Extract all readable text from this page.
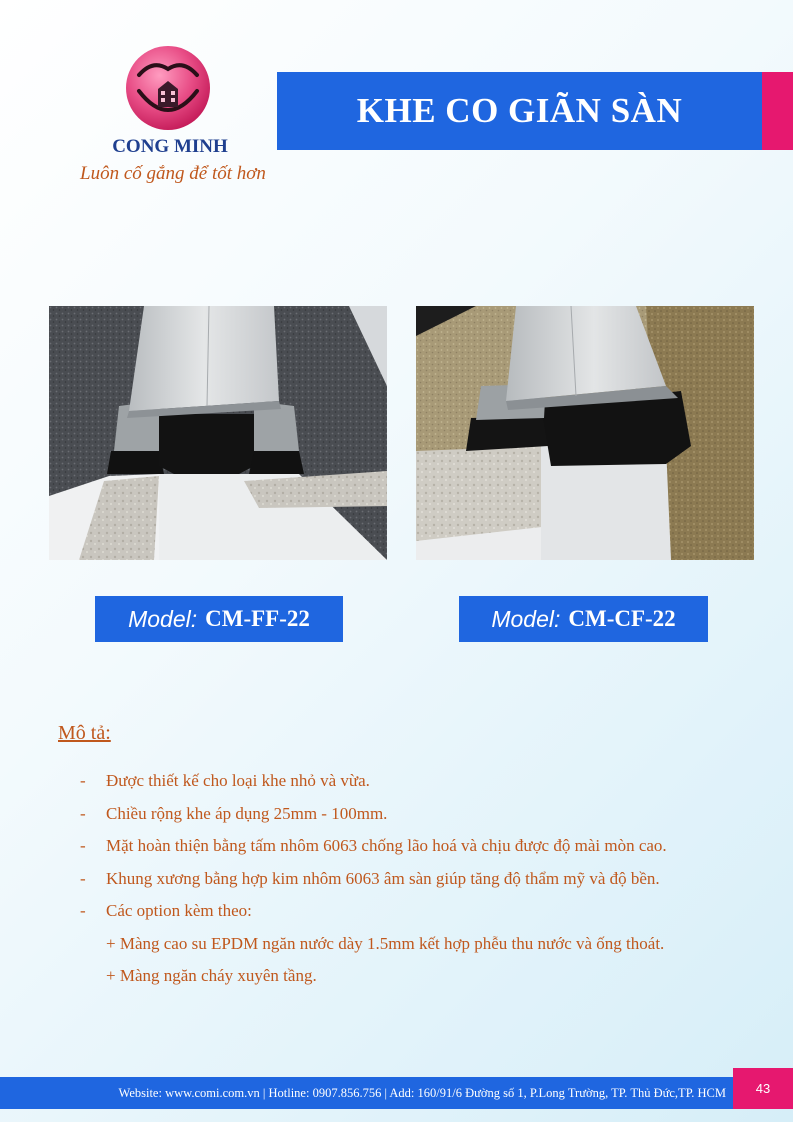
CONG MINH
Luôn cố gắng để tốt hơn
KHE CO GIÃN SÀN
Model: CM-FF-22	Model: CM-CF-22
Mô tả:
- Được thiết kế cho loại khe nhỏ và vừa.
- Chiều rộng khe áp dụng 25mm - 100mm.
- Mặt hoàn thiện bằng tấm nhôm 6063 chống lão hoá và chịu được độ mài mòn cao.
- Khung xương bằng hợp kim nhôm 6063 âm sàn giúp tăng độ thẩm mỹ và độ bền.
- Các option kèm theo:
+ Màng cao su EPDM ngăn nước dày 1.5mm kết hợp phễu thu nước và ống thoát.
+ Màng ngăn cháy xuyên tầng.
Website: www.comi.com.vn | Hotline: 0907.856.756 | Add: 160/91/6 Đường số 1, P.Long Trường, TP. Thủ Đức,TP. HCM 43
